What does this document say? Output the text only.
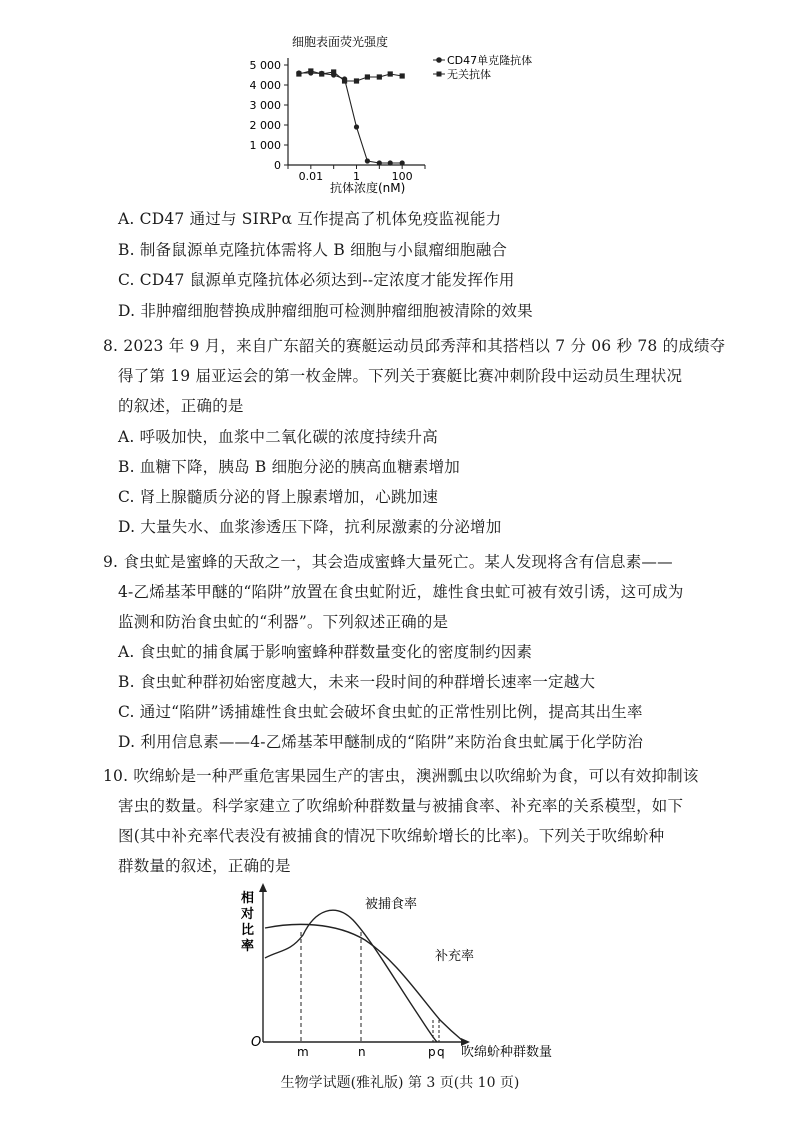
细胞表面荧光强度
5 000
4 000
3 000
2 000
1 000
0
0.01	1	100
抗体浓度(nM)
CD47单克隆抗体
无关抗体
A. CD47 通过与 SIRPα 互作提高了机体免疫监视能力
B. 制备鼠源单克隆抗体需将人 B 细胞与小鼠瘤细胞融合
C. CD47 鼠源单克隆抗体必须达到--定浓度才能发挥作用
D. 非肿瘤细胞替换成肿瘤细胞可检测肿瘤细胞被清除的效果
8. 2023 年 9 月，来自广东韶关的赛艇运动员邱秀萍和其搭档以 7 分 06 秒 78 的成绩夺
得了第 19 届亚运会的第一枚金牌。下列关于赛艇比赛冲刺阶段中运动员生理状况
的叙述，正确的是
A. 呼吸加快，血浆中二氧化碳的浓度持续升高
B. 血糖下降，胰岛 B 细胞分泌的胰高血糖素增加
C. 肾上腺髓质分泌的肾上腺素增加，心跳加速
D. 大量失水、血浆渗透压下降，抗利尿激素的分泌增加
9. 食虫虻是蜜蜂的天敌之一，其会造成蜜蜂大量死亡。某人发现将含有信息素——
4-乙烯基苯甲醚的“陷阱”放置在食虫虻附近，雄性食虫虻可被有效引诱，这可成为
监测和防治食虫虻的“利器”。下列叙述正确的是
A. 食虫虻的捕食属于影响蜜蜂种群数量变化的密度制约因素
B. 食虫虻种群初始密度越大，未来一段时间的种群增长速率一定越大
C. 通过“陷阱”诱捕雄性食虫虻会破坏食虫虻的正常性别比例，提高其出生率
D. 利用信息素——4-乙烯基苯甲醚制成的“陷阱”来防治食虫虻属于化学防治
10. 吹绵蚧是一种严重危害果园生产的害虫，澳洲瓢虫以吹绵蚧为食，可以有效抑制该
害虫的数量。科学家建立了吹绵蚧种群数量与被捕食率、补充率的关系模型，如下
图(其中补充率代表没有被捕食的情况下吹绵蚧增长的比率)。下列关于吹绵蚧种
群数量的叙述，正确的是
相
对
比
率
O
吹绵蚧种群数量
被捕食率
补充率
m	n	p q
生物学试题(雅礼版) 第 3 页(共 10 页)
